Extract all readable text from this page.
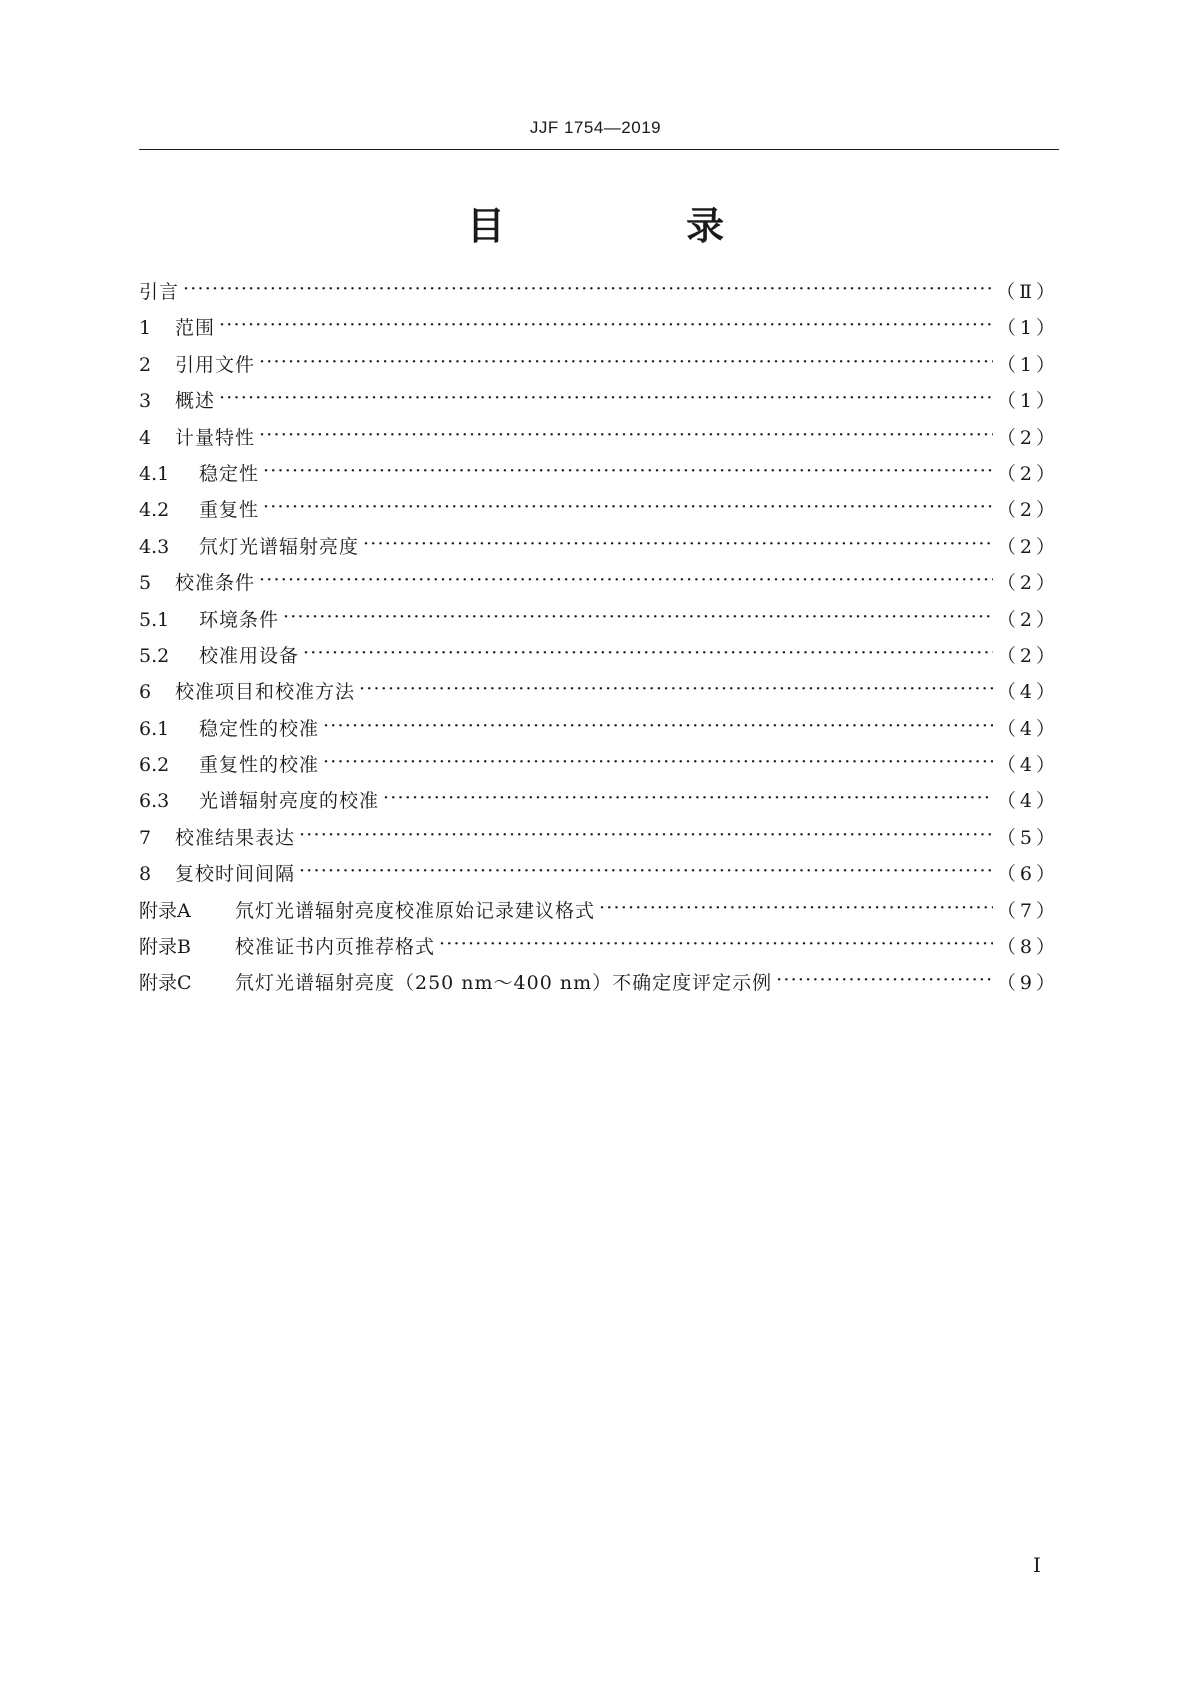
JJF 1754—2019
目 录
引言 ·····	（Ⅱ）
1	范围 ·····	（1）
2	引用文件 ·····	（1）
3	概述 ·····	（1）
4	计量特性 ·····	（2）
4.1	稳定性 ·····	（2）
4.2	重复性 ·····	（2）
4.3	氘灯光谱辐射亮度 ·····	（2）
5	校准条件 ·····	（2）
5.1	环境条件 ·····	（2）
5.2	校准用设备 ·····	（2）
6	校准项目和校准方法 ·····	（4）
6.1	稳定性的校准 ·····	（4）
6.2	重复性的校准 ·····	（4）
6.3	光谱辐射亮度的校准 ·····	（4）
7	校准结果表达 ·····	（5）
8	复校时间间隔 ·····	（6）
附录A	氘灯光谱辐射亮度校准原始记录建议格式 ·····	（7）
附录B	校准证书内页推荐格式 ·····	（8）
附录C	氘灯光谱辐射亮度（250 nm～400 nm）不确定度评定示例 ·····	（9）
Ⅰ
